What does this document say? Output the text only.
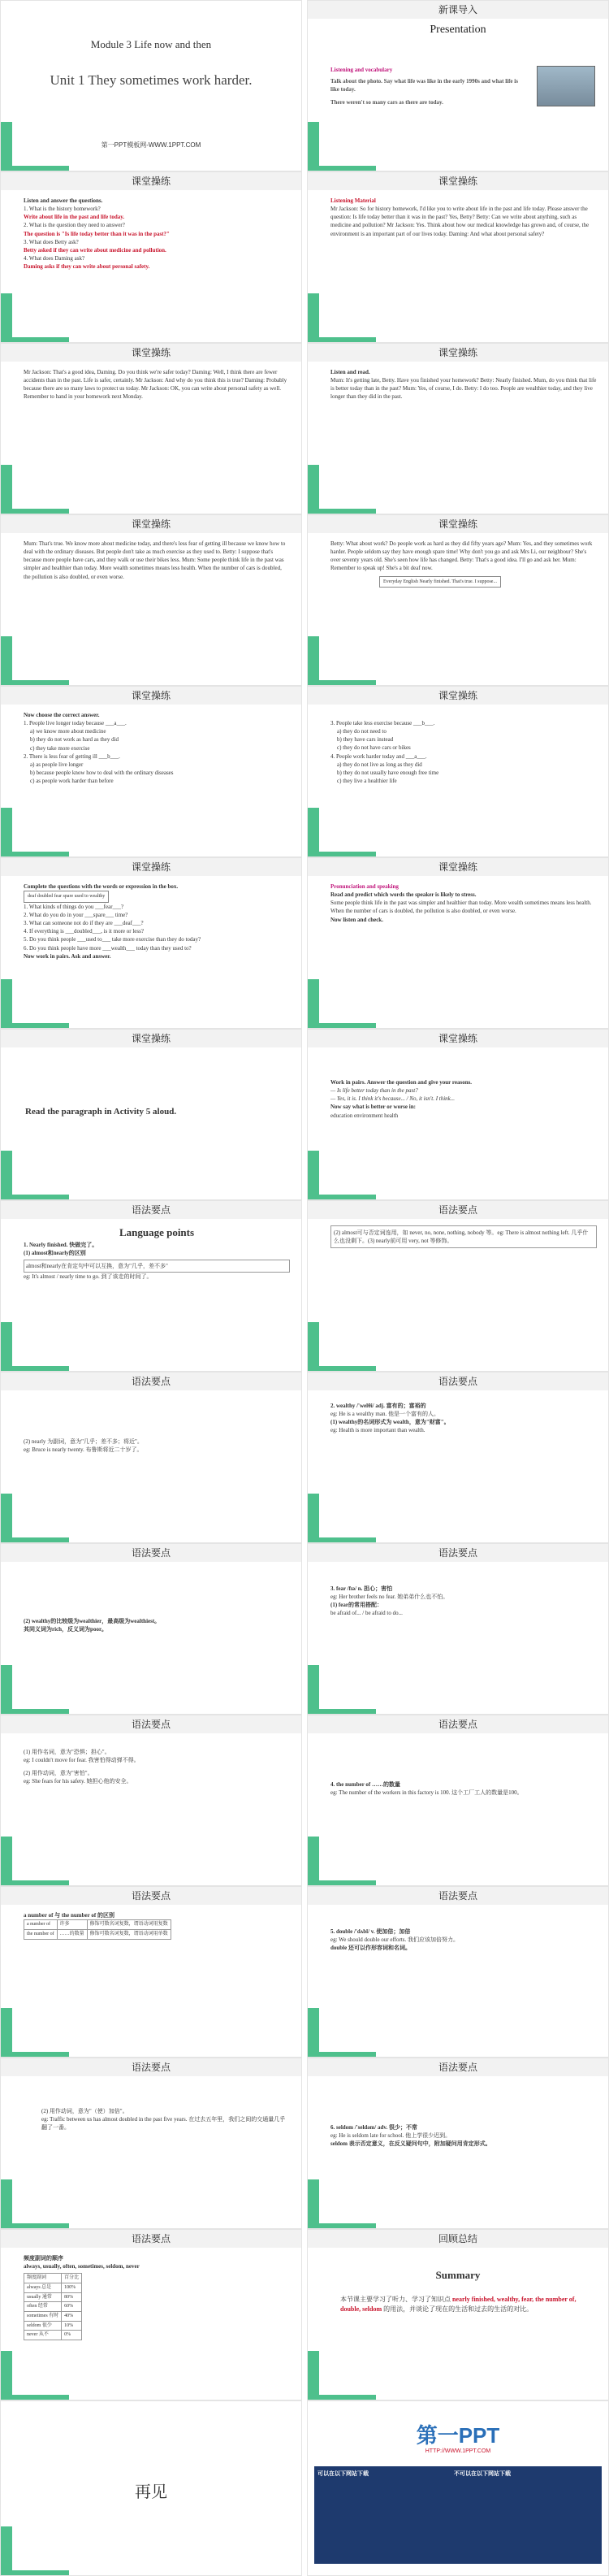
Module 3 Life now and then
Unit 1 They sometimes work harder.
第一PPT模板网-WWW.1PPT.COM
新课导入
Presentation
Listening and vocabulary
Talk about the photo. Say what life was like in the early 1990s and what life is like today.
There weren't so many cars as there are today.
课堂操练
Listen and answer the questions.
1. What is the history homework?
Write about life in the past and life today.
2. What is the question they need to answer?
The question is "Is life today better than it was in the past?"
3. What does Betty ask?
Betty asked if they can write about medicine and pollution.
4. What does Daming ask?
Daming asks if they can write about personal safety.
课堂操练
Listening Material
Mr Jackson: So for history homework, I'd like you to write about life in the past and life today. Please answer the question: Is life today better than it was in the past? Yes, Betty? Betty: Can we write about anything, such as medicine and pollution? Mr Jackson: Yes. Think about how our medical knowledge has grown and, of course, the environment is an important part of our lives today. Daming: And what about personal safety?
课堂操练
Mr Jackson: That's a good idea, Daming. Do you think we're safer today? Daming: Well, I think there are fewer accidents than in the past. Life is safer, certainly. Mr Jackson: And why do you think this is true? Daming: Probably because there are so many laws to protect us today. Mr Jackson: OK, you can write about personal safety as well. Remember to hand in your homework next Monday.
课堂操练
Listen and read.
Mum: It's getting late, Betty. Have you finished your homework? Betty: Nearly finished. Mum, do you think that life is better today than in the past? Mum: Yes, of course, I do. Betty: I do too. People are wealthier today, and they live longer than they did in the past.
课堂操练
Mum: That's true. We know more about medicine today, and there's less fear of getting ill because we know how to deal with the ordinary diseases. But people don't take as much exercise as they used to. Betty: I suppose that's because more people have cars, and they walk or use their bikes less. Mum: Some people think life in the past was simpler and healthier than today. More wealth sometimes means less health. When the number of cars is doubled, the pollution is also doubled, or even worse.
课堂操练
Betty: What about work? Do people work as hard as they did fifty years ago? Mum: Yes, and they sometimes work harder. People seldom say they have enough spare time! Why don't you go and ask Mrs Li, our neighbour? She's over seventy years old. She's seen how life has changed. Betty: That's a good idea. I'll go and ask her. Mum: Remember to speak up! She's a bit deaf now.
Everyday English Nearly finished. That's true. I suppose...
课堂操练
Now choose the correct answer.
1. People live longer today because ___a___.
a) we know more about medicine
b) they do not work as hard as they did
c) they take more exercise
2. There is less fear of getting ill ___b___.
a) as people live longer
b) because people know how to deal with the ordinary diseases
c) as people work harder than before
课堂操练
3. People take less exercise because ___b___.
a) they do not need to
b) they have cars instead
c) they do not have cars or bikes
4. People work harder today and ___a___.
a) they do not live as long as they did
b) they do not usually have enough free time
c) they live a healthier life
课堂操练
Complete the questions with the words or expression in the box.
deaf doubled fear spare used to wealthy
1. What kinds of things do you ___fear___?
2. What do you do in your ___spare___ time?
3. What can someone not do if they are ___deaf___?
4. If everything is ___doubled___, is it more or less?
5. Do you think people ___used to___ take more exercise than they do today?
6. Do you think people have more ___wealth___ today than they used to?
Now work in pairs. Ask and answer.
课堂操练
Pronunciation and speaking
Read and predict which words the speaker is likely to stress.
Some people think life in the past was simpler and healthier than today. More wealth sometimes means less health. When the number of cars is doubled, the pollution is also doubled, or even worse.
Now listen and check.
课堂操练
Read the paragraph in Activity 5 aloud.
课堂操练
Work in pairs. Answer the question and give your reasons.
— Is life better today than in the past?
— Yes, it is. I think it's because... / No, it isn't. I think...
Now say what is better or worse in:
education environment health
语法要点
Language points
1. Nearly finished. 快做完了。
(1) almost和nearly的区别
almost和nearly在肯定句中可以互换，意为"几乎，差不多"
eg: It's almost / nearly time to go. 到了该走的时间了。
语法要点
(2) almost可与否定词连用，如 never, no, none, nothing, nobody 等。eg: There is almost nothing left. 几乎什么也没剩下。(3) nearly前可用 very, not 等修饰。
语法要点
(2) nearly 为副词，意为"几乎；差不多；将近"。
eg: Bruce is nearly twenty. 布鲁斯将近二十岁了。
语法要点
2. wealthy /'welθi/ adj. 富有的；富裕的
eg: He is a wealthy man. 他是一个富有的人。
(1) wealthy的名词形式为 wealth，意为"财富"。
eg: Health is more important than wealth.
语法要点
(2) wealthy的比较级为wealthier，最高级为wealthiest。
其同义词为rich，反义词为poor。
语法要点
3. fear /fɪə/ n. 担心；害怕
eg: Her brother feels no fear. 她弟弟什么也不怕。
(1) fear的常用搭配：
be afraid of... / be afraid to do...
语法要点
(1) 用作名词，意为"恐惧；担心"。
eg: I couldn't move for fear. 我害怕得动弹不得。
(2) 用作动词，意为"害怕"。
eg: She fears for his safety. 她担心他的安全。
语法要点
4. the number of ……的数量
eg: The number of the workers in this factory is 100. 这个工厂工人的数量是100。
语法要点
a number of 与 the number of 的区别
a number of	许多	修饰可数名词复数，谓语动词用复数
the number of	……的数量	修饰可数名词复数，谓语动词用单数
语法要点
5. double /'dʌbl/ v. 使加倍；加倍
eg: We should double our efforts. 我们应该加倍努力。
double 还可以作形容词和名词。
语法要点
(2) 用作动词，意为"（使）加倍"。
eg: Traffic between us has almost doubled in the past five years. 在过去五年里，我们之间的交通量几乎翻了一番。
语法要点
6. seldom /'seldəm/ adv. 很少；不常
eg: He is seldom late for school. 他上学很少迟到。
seldom 表示否定意义，在反义疑问句中，附加疑问用肯定形式。
语法要点
频度副词的顺序
always, usually, often, sometimes, seldom, never
频度副词	百分比
always 总是	100%
usually 通常	80%
often 经常	60%
sometimes 有时	40%
seldom 很少	10%
never 从不	0%
回顾总结
Summary
本节课主要学习了听力、学习了知识点 nearly finished, wealthy, fear, the number of, double, seldom 的用法，并谈论了现在的生活和过去的生活的对比。
再见
第一PPT
HTTP://WWW.1PPT.COM
可以在以下网站下载	不可以在以下网站下载
